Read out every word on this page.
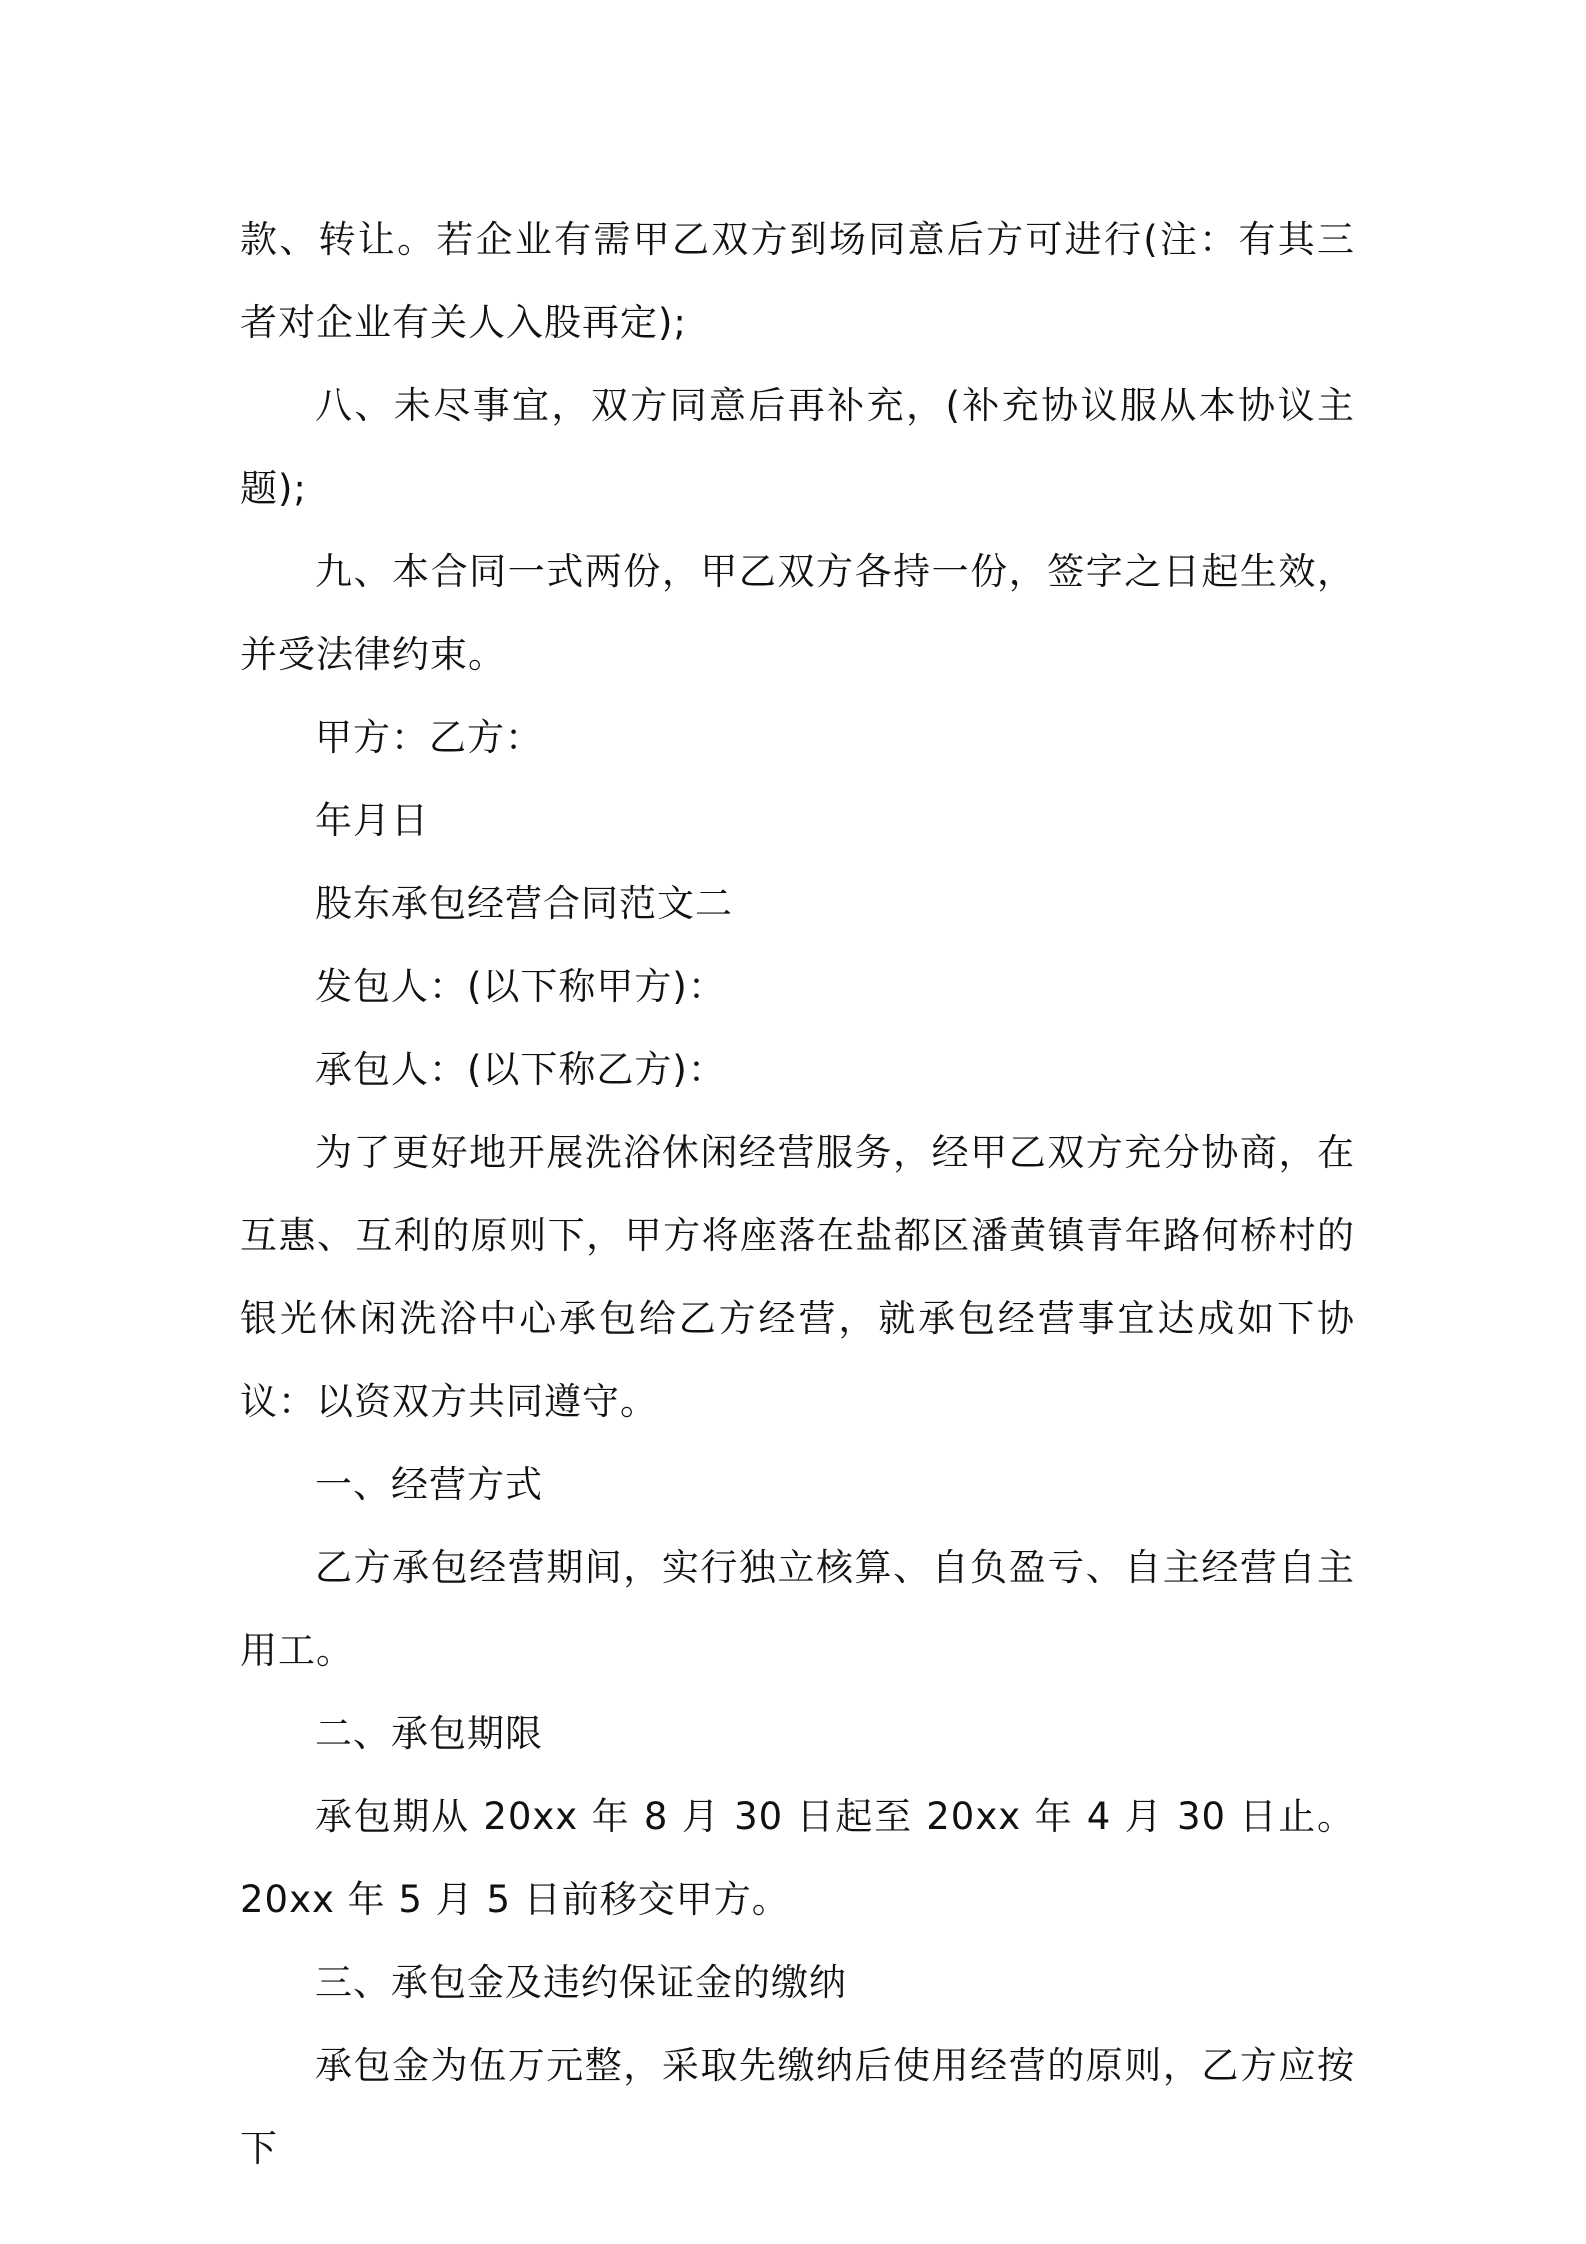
款、转让。若企业有需甲乙双方到场同意后方可进行(注：有其三者对企业有关人入股再定);

八、未尽事宜，双方同意后再补充，(补充协议服从本协议主题);

九、本合同一式两份，甲乙双方各持一份，签字之日起生效，并受法律约束。

甲方：乙方：

年月日

股东承包经营合同范文二

发包人：(以下称甲方)：

承包人：(以下称乙方)：

为了更好地开展洗浴休闲经营服务，经甲乙双方充分协商，在互惠、互利的原则下，甲方将座落在盐都区潘黄镇青年路何桥村的银光休闲洗浴中心承包给乙方经营，就承包经营事宜达成如下协议：以资双方共同遵守。

一、经营方式

乙方承包经营期间，实行独立核算、自负盈亏、自主经营自主用工。

二、承包期限

承包期从 20xx 年 8 月 30 日起至 20xx 年 4 月 30 日止。20xx 年 5 月 5 日前移交甲方。

三、承包金及违约保证金的缴纳

承包金为伍万元整，采取先缴纳后使用经营的原则，乙方应按下
